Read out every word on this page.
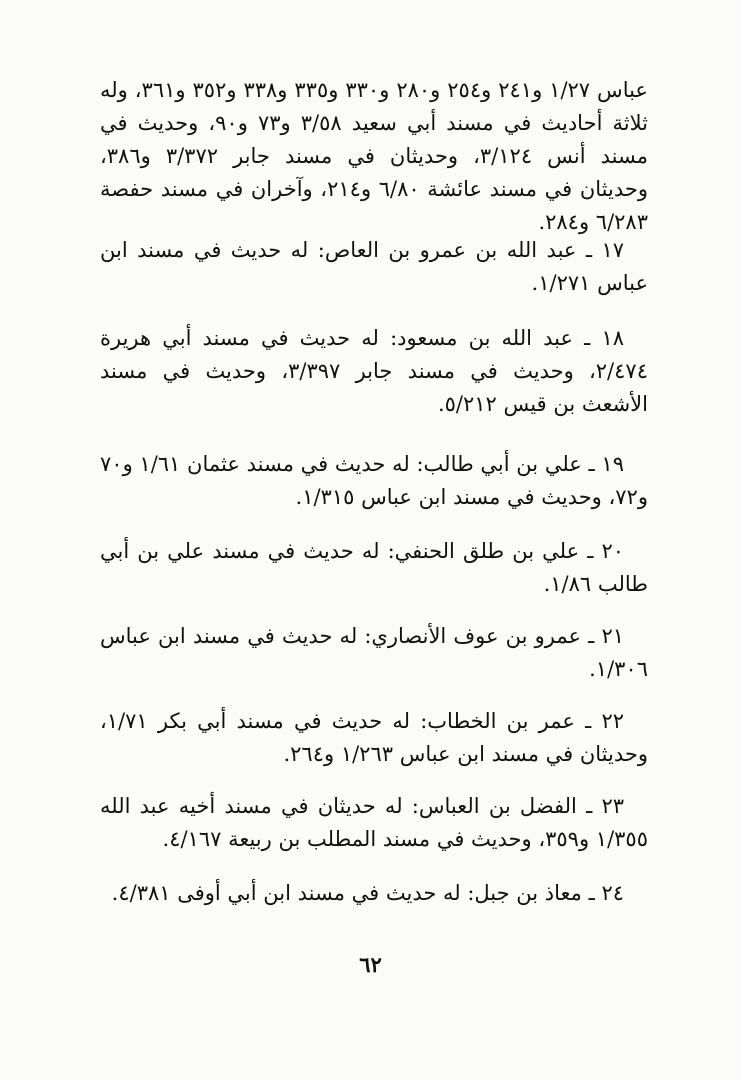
عباس ١/٢٧ و٢٤١ و٢٥٤ و٢٨٠ و٣٣٠ و٣٣٥ و٣٣٨ و٣٥٢ و٣٦١، وله ثلاثة أحاديث في مسند أبي سعيد ٣/٥٨ و٧٣ و٩٠، وحديث في مسند أنس ٣/١٢٤، وحديثان في مسند جابر ٣/٣٧٢ و٣٨٦، وحديثان في مسند عائشة ٦/٨٠ و٢١٤، وآخران في مسند حفصة ٦/٢٨٣ و٢٨٤.

١٧ ـ عبد الله بن عمرو بن العاص: له حديث في مسند ابن عباس ١/٢٧١.

١٨ ـ عبد الله بن مسعود: له حديث في مسند أبي هريرة ٢/٤٧٤، وحديث في مسند جابر ٣/٣٩٧، وحديث في مسند الأشعث بن قيس ٥/٢١٢.

١٩ ـ علي بن أبي طالب: له حديث في مسند عثمان ١/٦١ و٧٠ و٧٢، وحديث في مسند ابن عباس ١/٣١٥.

٢٠ ـ علي بن طلق الحنفي: له حديث في مسند علي بن أبي طالب ١/٨٦.

٢١ ـ عمرو بن عوف الأنصاري: له حديث في مسند ابن عباس ١/٣٠٦.

٢٢ ـ عمر بن الخطاب: له حديث في مسند أبي بكر ١/٧١، وحديثان في مسند ابن عباس ١/٢٦٣ و٢٦٤.

٢٣ ـ الفضل بن العباس: له حديثان في مسند أخيه عبد الله ١/٣٥٥ و٣٥٩، وحديث في مسند المطلب بن ربيعة ٤/١٦٧.

٢٤ ـ معاذ بن جبل: له حديث في مسند ابن أبي أوفى ٤/٣٨١.

٦٢
